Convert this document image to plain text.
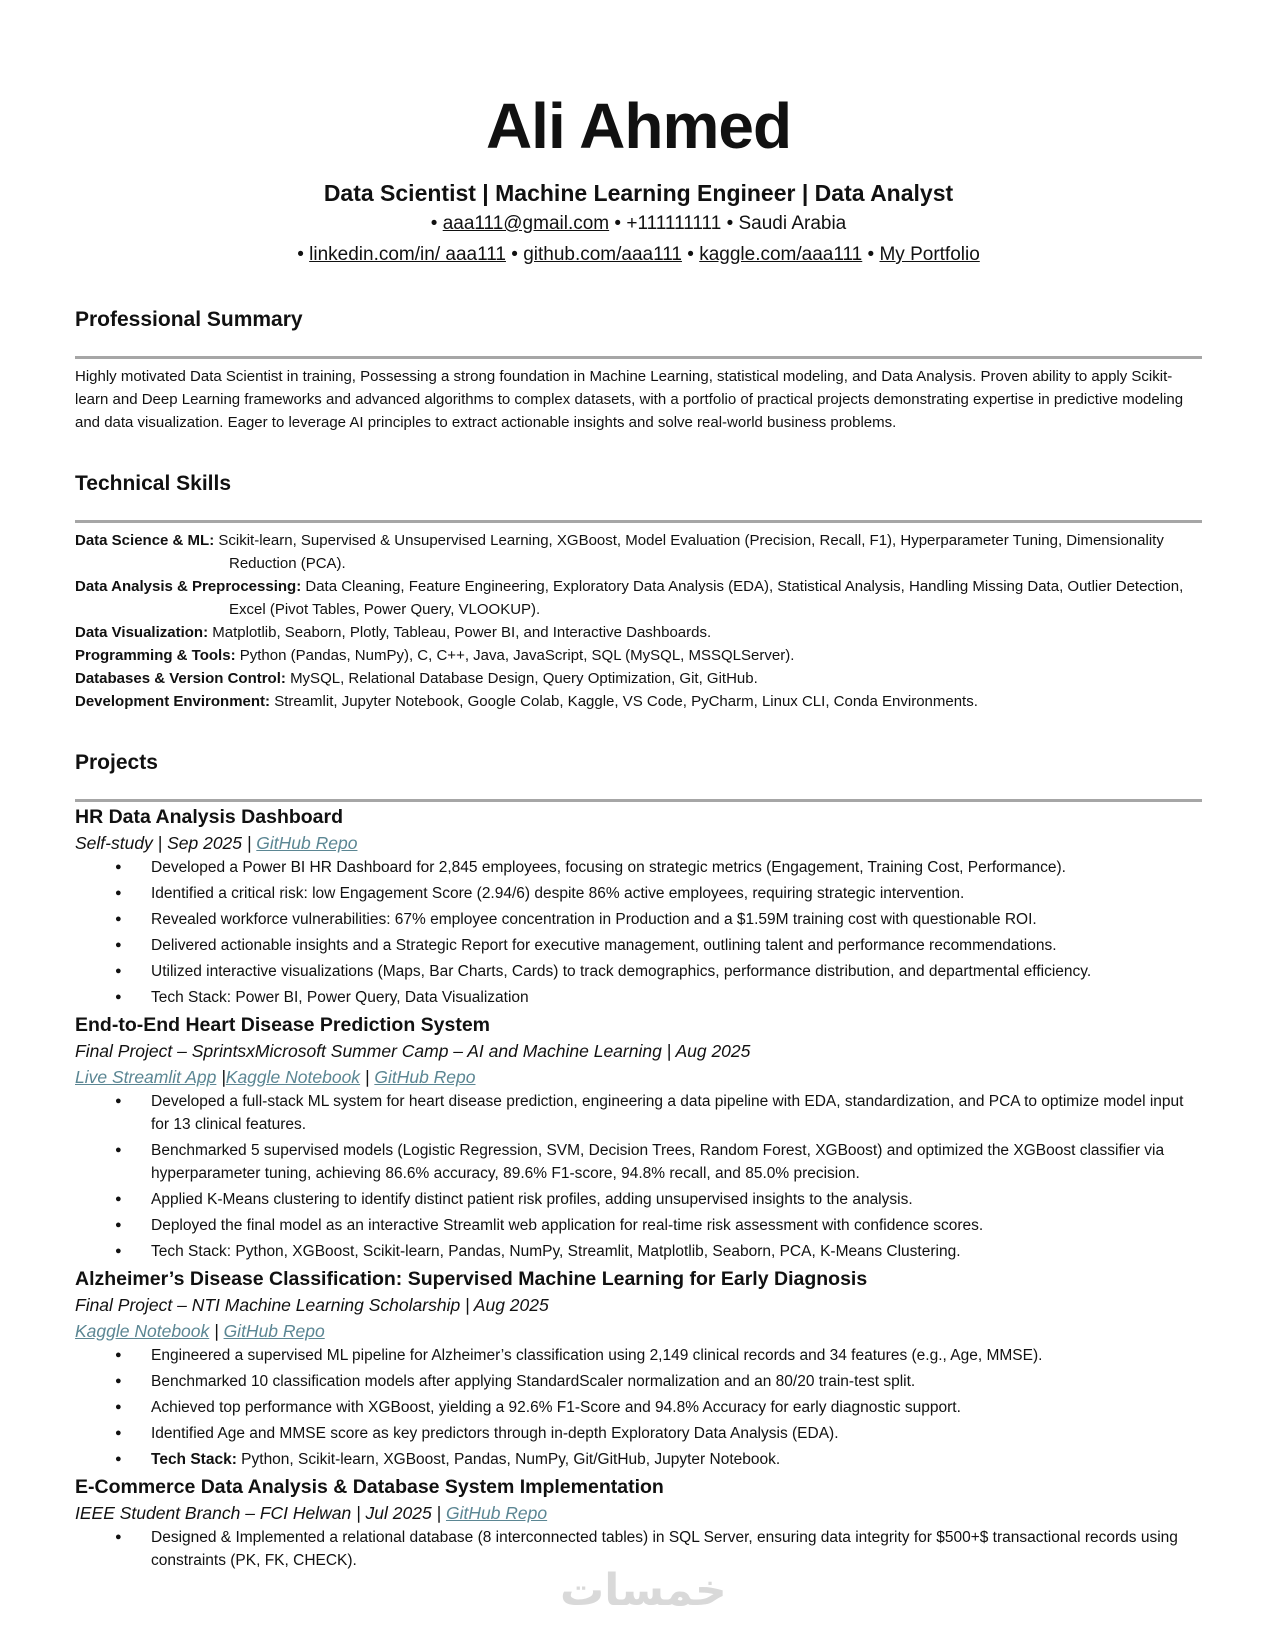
Ali Ahmed
Data Scientist | Machine Learning Engineer | Data Analyst
• aaa111@gmail.com • +111111111 • Saudi Arabia
• linkedin.com/in/ aaa111 • github.com/aaa111 • kaggle.com/aaa111 • My Portfolio
Professional Summary
Highly motivated Data Scientist in training, Possessing a strong foundation in Machine Learning, statistical modeling, and Data Analysis. Proven ability to apply Scikit-learn and Deep Learning frameworks and advanced algorithms to complex datasets, with a portfolio of practical projects demonstrating expertise in predictive modeling and data visualization. Eager to leverage AI principles to extract actionable insights and solve real-world business problems.
Technical Skills
Data Science & ML: Scikit-learn, Supervised & Unsupervised Learning, XGBoost, Model Evaluation (Precision, Recall, F1), Hyperparameter Tuning, Dimensionality Reduction (PCA).
Data Analysis & Preprocessing: Data Cleaning, Feature Engineering, Exploratory Data Analysis (EDA), Statistical Analysis, Handling Missing Data, Outlier Detection, Excel (Pivot Tables, Power Query, VLOOKUP).
Data Visualization: Matplotlib, Seaborn, Plotly, Tableau, Power BI, and Interactive Dashboards.
Programming & Tools: Python (Pandas, NumPy), C, C++, Java, JavaScript, SQL (MySQL, MSSQLServer).
Databases & Version Control: MySQL, Relational Database Design, Query Optimization, Git, GitHub.
Development Environment: Streamlit, Jupyter Notebook, Google Colab, Kaggle, VS Code, PyCharm, Linux CLI, Conda Environments.
Projects
HR Data Analysis Dashboard
Self-study | Sep 2025 | GitHub Repo
● Developed a Power BI HR Dashboard for 2,845 employees, focusing on strategic metrics (Engagement, Training Cost, Performance).
● Identified a critical risk: low Engagement Score (2.94/6) despite 86% active employees, requiring strategic intervention.
● Revealed workforce vulnerabilities: 67% employee concentration in Production and a $1.59M training cost with questionable ROI.
● Delivered actionable insights and a Strategic Report for executive management, outlining talent and performance recommendations.
● Utilized interactive visualizations (Maps, Bar Charts, Cards) to track demographics, performance distribution, and departmental efficiency.
● Tech Stack: Power BI, Power Query, Data Visualization
End-to-End Heart Disease Prediction System
Final Project – SprintsxMicrosoft Summer Camp – AI and Machine Learning | Aug 2025
Live Streamlit App |Kaggle Notebook | GitHub Repo
● Developed a full-stack ML system for heart disease prediction, engineering a data pipeline with EDA, standardization, and PCA to optimize model input for 13 clinical features.
● Benchmarked 5 supervised models (Logistic Regression, SVM, Decision Trees, Random Forest, XGBoost) and optimized the XGBoost classifier via hyperparameter tuning, achieving 86.6% accuracy, 89.6% F1-score, 94.8% recall, and 85.0% precision.
● Applied K-Means clustering to identify distinct patient risk profiles, adding unsupervised insights to the analysis.
● Deployed the final model as an interactive Streamlit web application for real-time risk assessment with confidence scores.
● Tech Stack: Python, XGBoost, Scikit-learn, Pandas, NumPy, Streamlit, Matplotlib, Seaborn, PCA, K-Means Clustering.
Alzheimer’s Disease Classification: Supervised Machine Learning for Early Diagnosis
Final Project – NTI Machine Learning Scholarship | Aug 2025
Kaggle Notebook | GitHub Repo
● Engineered a supervised ML pipeline for Alzheimer’s classification using 2,149 clinical records and 34 features (e.g., Age, MMSE).
● Benchmarked 10 classification models after applying StandardScaler normalization and an 80/20 train-test split.
● Achieved top performance with XGBoost, yielding a 92.6% F1-Score and 94.8% Accuracy for early diagnostic support.
● Identified Age and MMSE score as key predictors through in-depth Exploratory Data Analysis (EDA).
● Tech Stack: Python, Scikit-learn, XGBoost, Pandas, NumPy, Git/GitHub, Jupyter Notebook.
E-Commerce Data Analysis & Database System Implementation
IEEE Student Branch – FCI Helwan | Jul 2025 | GitHub Repo
● Designed & Implemented a relational database (8 interconnected tables) in SQL Server, ensuring data integrity for $500+$ transactional records using constraints (PK, FK, CHECK).
خمسات
